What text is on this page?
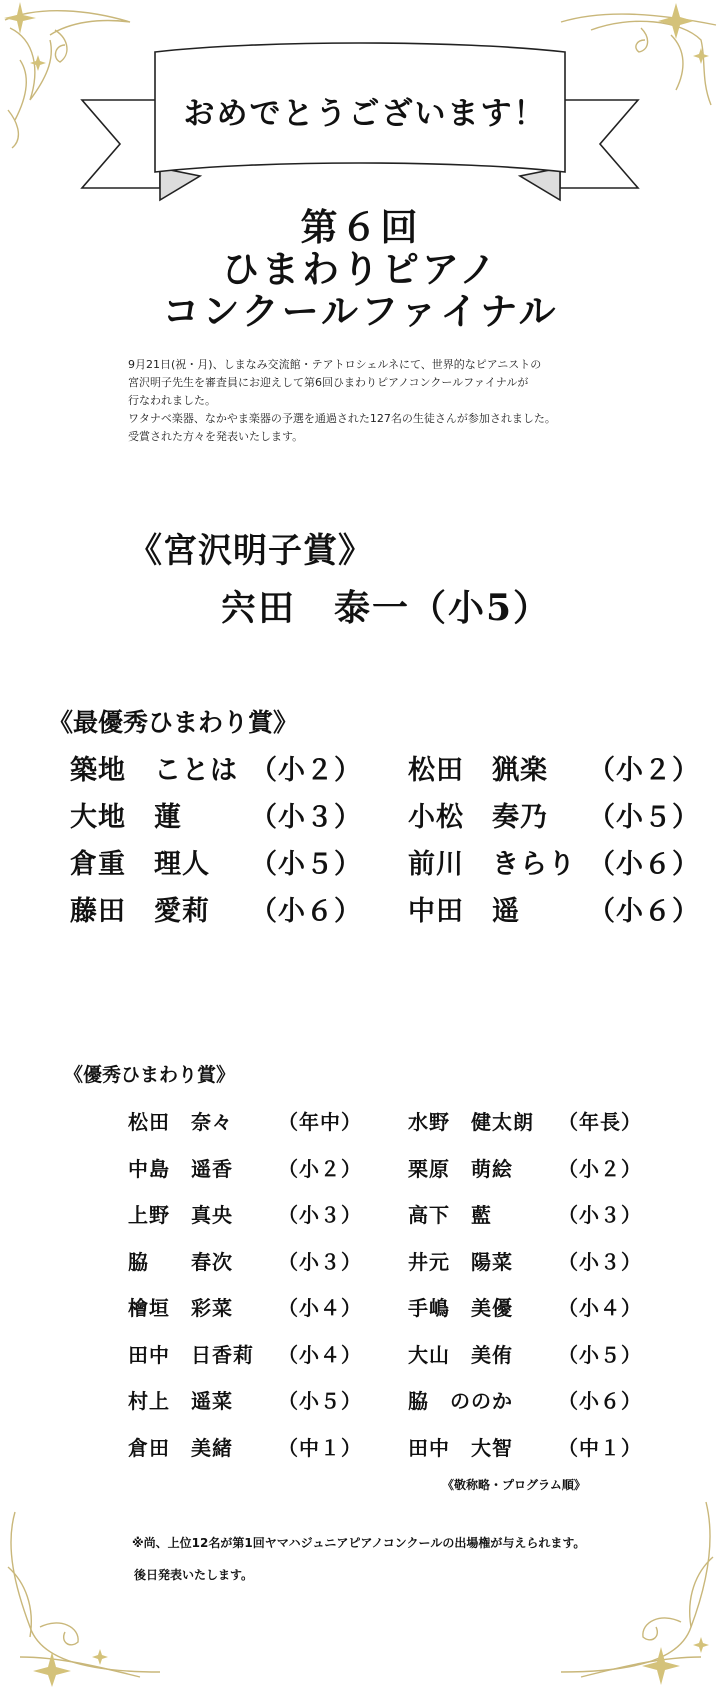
おめでとうございます！
第６回
ひまわりピアノ
コンクールファイナル

9月21日(祝・月)、しまなみ交流館・テアトロシェルネにて、世界的なピアニストの

宮沢明子先生を審査員にお迎えして第6回ひまわりピアノコンクールファイナルが

行なわれました。

ワタナベ楽器、なかやま楽器の予選を通過された127名の生徒さんが参加されました。

受賞された方々を発表いたします。

《宮沢明子賞》
宍田　泰一（小5）
《最優秀ひまわり賞》
築地　ことは （小２） 松田　猟楽	（小２）
大地　蓮	（小３） 小松　奏乃	（小５）
倉重　理人	（小５） 前川　きらり （小６）
藤田　愛莉	（小６） 中田　遥	（小６）
《優秀ひまわり賞》
松田　奈々	（年中） 水野　健太朗	（年長）
中島　遥香	（小２） 栗原　萌絵	（小２）
上野　真央	（小３） 高下　藍	（小３）
脇　　春次	（小３） 井元　陽菜	（小３）
檜垣　彩菜	（小４） 手嶋　美優	（小４）
田中　日香莉	（小４） 大山　美侑	（小５）
村上　遥菜	（小５） 脇　ののか	（小６）
倉田　美緒	（中１） 田中　大智	（中１）
《敬称略・プログラム順》
※尚、上位12名が第1回ヤマハジュニアピアノコンクールの出場権が与えられます。
後日発表いたします。
